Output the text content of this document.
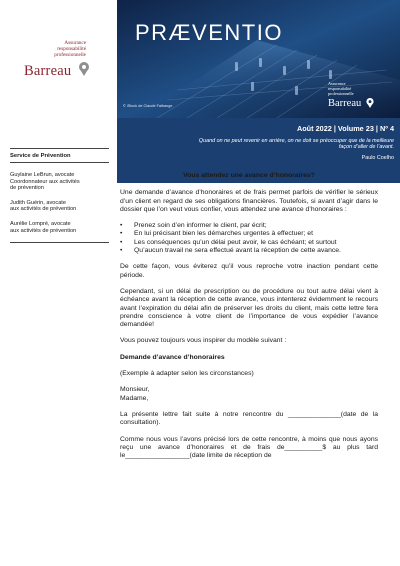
Assurance
responsabilité
professionnelle
Barreau
PRÆVENTIO
© iStock de Claude Falbange
Assurance
responsabilité
professionnelle
Barreau
Août 2022 | Volume 23 | Nº 4
Quand on ne peut revenir en arrière, on ne doit se préoccuper que de la meilleure façon d’aller de l’avant.
Paulo Coelho
Service de Prévention
Guylaine LeBrun, avocate
Coordonnateur aux activités
de prévention
Judith Guérin, avocate
aux activités de prévention
Aurélie Lompré, avocate
aux activités de prévention
Vous attendez une avance d’honoraires?

Une demande d’avance d’honoraires et de frais permet parfois de vérifier le sérieux d’un client en regard de ses obligations financières. Toutefois, si avant d’agir dans le dossier que l’on veut vous confier, vous attendez une avance d’honoraires :

• Prenez soin d’en informer le client, par écrit;
• En lui précisant bien les démarches urgentes à effectuer; et
• Les conséquences qu’un délai peut avoir, le cas échéant; et surtout
• Qu’aucun travail ne sera effectué avant la réception de cette avance.

De cette façon, vous éviterez qu’il vous reproche votre inaction pendant cette période.

Cependant, si un délai de prescription ou de procédure ou tout autre délai vient à échéance avant la réception de cette avance, vous intenterez évidemment le recours avant l’expiration du délai afin de préserver les droits du client, mais cette lettre fera prendre conscience à votre client de l’importance de vous expédier l’avance demandée!

Vous pouvez toujours vous inspirer du modèle suivant :

Demande d’avance d’honoraires

(Exemple à adapter selon les circonstances)

Monsieur,
Madame,

La présente lettre fait suite à notre rencontre du ______________(date de la consultation).

Comme nous vous l’avons précisé lors de cette rencontre, à moins que nous ayons reçu une avance d’honoraires et de frais de__________$ au plus tard le_________________(date limite de réception de
